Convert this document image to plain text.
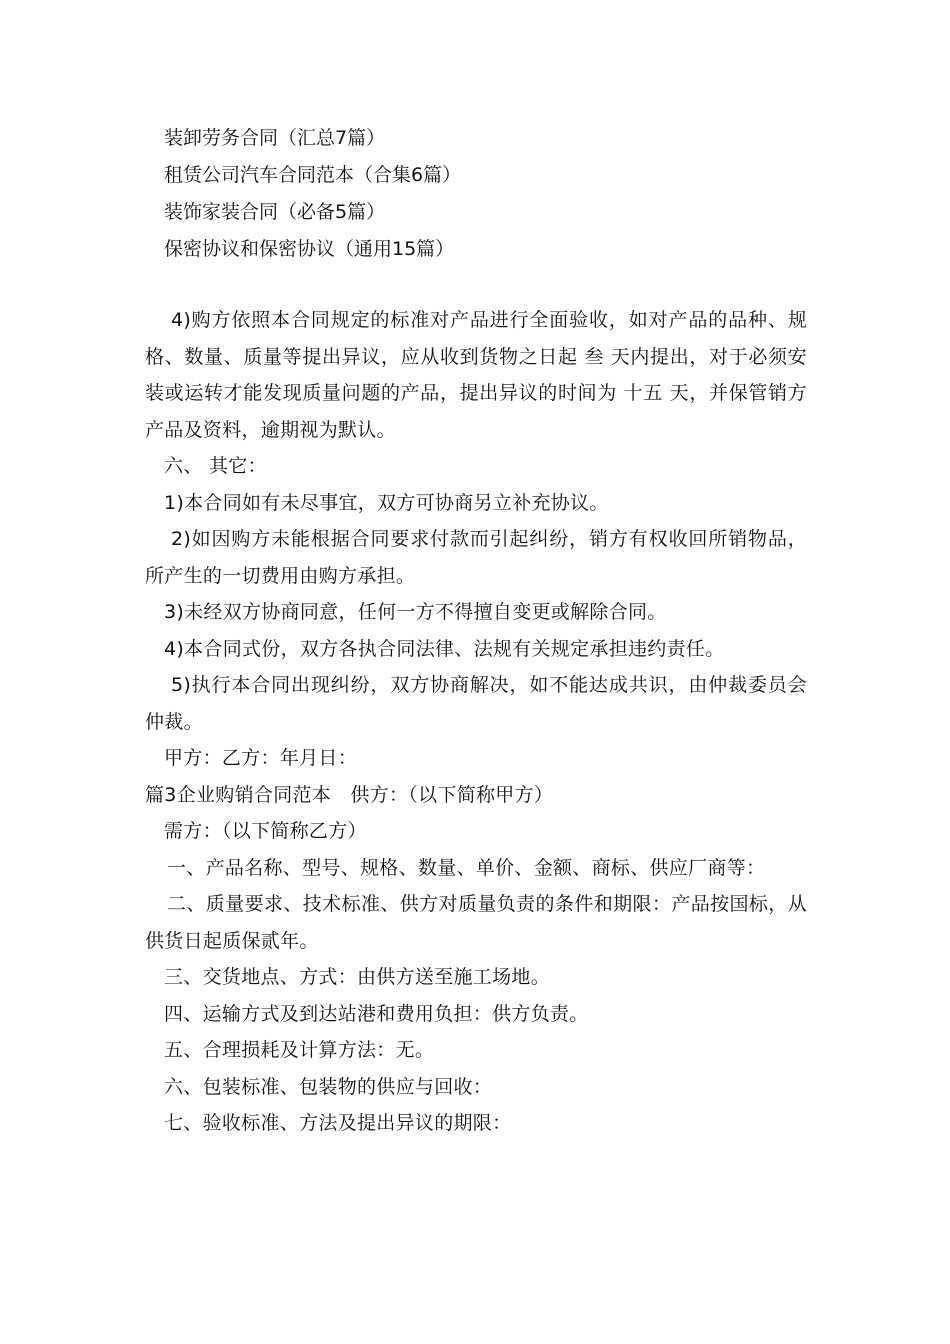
装卸劳务合同（汇总7篇）
租赁公司汽车合同范本（合集6篇）
装饰家装合同（必备5篇）
保密协议和保密协议（通用15篇）

4)购方依照本合同规定的标准对产品进行全面验收，如对产品的品种、规格、数量、质量等提出异议，应从收到货物之日起 叁 天内提出，对于必须安装或运转才能发现质量问题的产品，提出异议的时间为 十五 天，并保管销方产品及资料，逾期视为默认。

六、 其它：

1)本合同如有未尽事宜，双方可协商另立补充协议。

2)如因购方未能根据合同要求付款而引起纠纷，销方有权收回所销物品，所产生的一切费用由购方承担。

3)未经双方协商同意，任何一方不得擅自变更或解除合同。

4)本合同式份，双方各执合同法律、法规有关规定承担违约责任。

5)执行本合同出现纠纷，双方协商解决，如不能达成共识，由仲裁委员会仲裁。

甲方：乙方：年月日：

篇3企业购销合同范本　供方：（以下简称甲方）

需方：（以下简称乙方）

一、产品名称、型号、规格、数量、单价、金额、商标、供应厂商等：

二、质量要求、技术标准、供方对质量负责的条件和期限：产品按国标，从供货日起质保贰年。

三、交货地点、方式：由供方送至施工场地。

四、运输方式及到达站港和费用负担：供方负责。

五、合理损耗及计算方法：无。

六、包装标准、包装物的供应与回收：

七、验收标准、方法及提出异议的期限：
